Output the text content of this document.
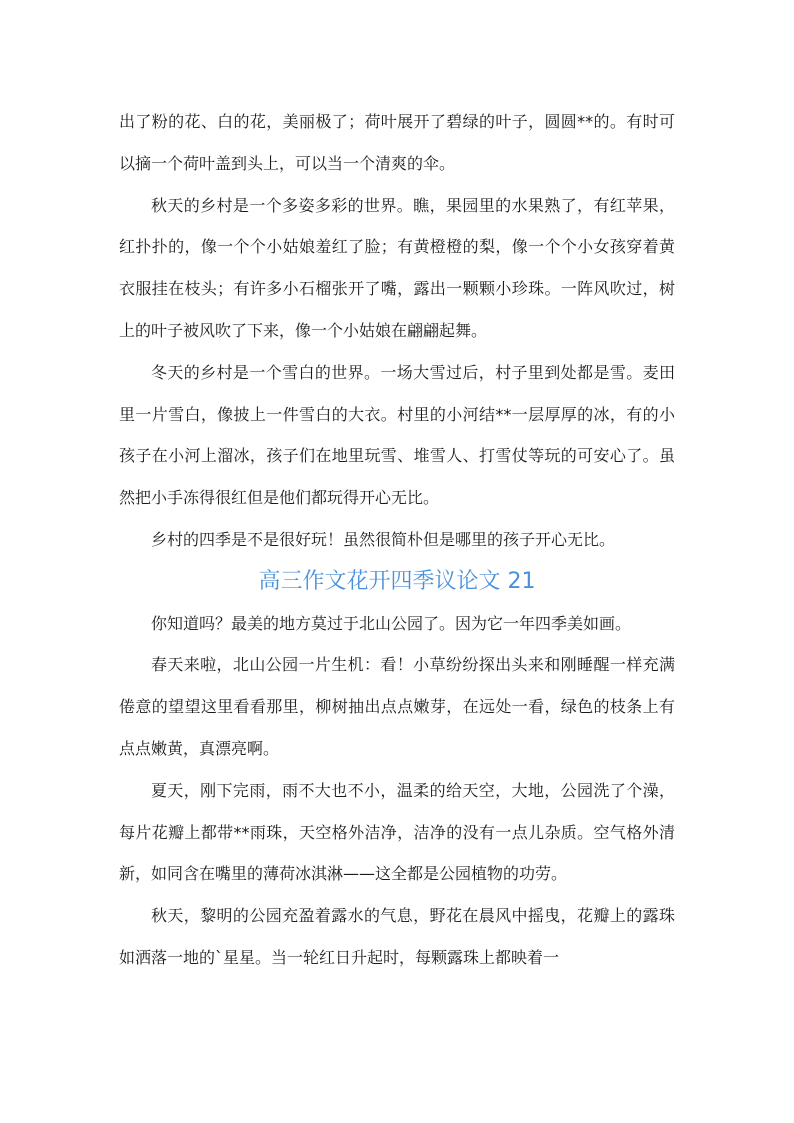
出了粉的花、白的花，美丽极了；荷叶展开了碧绿的叶子，圆圆**的。有时可以摘一个荷叶盖到头上，可以当一个清爽的伞。

秋天的乡村是一个多姿多彩的世界。瞧，果园里的水果熟了，有红苹果，红扑扑的，像一个个小姑娘羞红了脸；有黄橙橙的梨，像一个个小女孩穿着黄衣服挂在枝头；有许多小石榴张开了嘴，露出一颗颗小珍珠。一阵风吹过，树上的叶子被风吹了下来，像一个小姑娘在翩翩起舞。

冬天的乡村是一个雪白的世界。一场大雪过后，村子里到处都是雪。麦田里一片雪白，像披上一件雪白的大衣。村里的小河结**一层厚厚的冰，有的小孩子在小河上溜冰，孩子们在地里玩雪、堆雪人、打雪仗等玩的可安心了。虽然把小手冻得很红但是他们都玩得开心无比。

乡村的四季是不是很好玩！虽然很简朴但是哪里的孩子开心无比。

高三作文花开四季议论文 21

你知道吗？最美的地方莫过于北山公园了。因为它一年四季美如画。

春天来啦，北山公园一片生机：看！小草纷纷探出头来和刚睡醒一样充满倦意的望望这里看看那里，柳树抽出点点嫩芽，在远处一看，绿色的枝条上有点点嫩黄，真漂亮啊。

夏天，刚下完雨，雨不大也不小，温柔的给天空，大地，公园洗了个澡，每片花瓣上都带**雨珠，天空格外洁净，洁净的没有一点儿杂质。空气格外清新，如同含在嘴里的薄荷冰淇淋——这全都是公园植物的功劳。

秋天，黎明的公园充盈着露水的气息，野花在晨风中摇曳，花瓣上的露珠如洒落一地的`星星。当一轮红日升起时，每颗露珠上都映着一
